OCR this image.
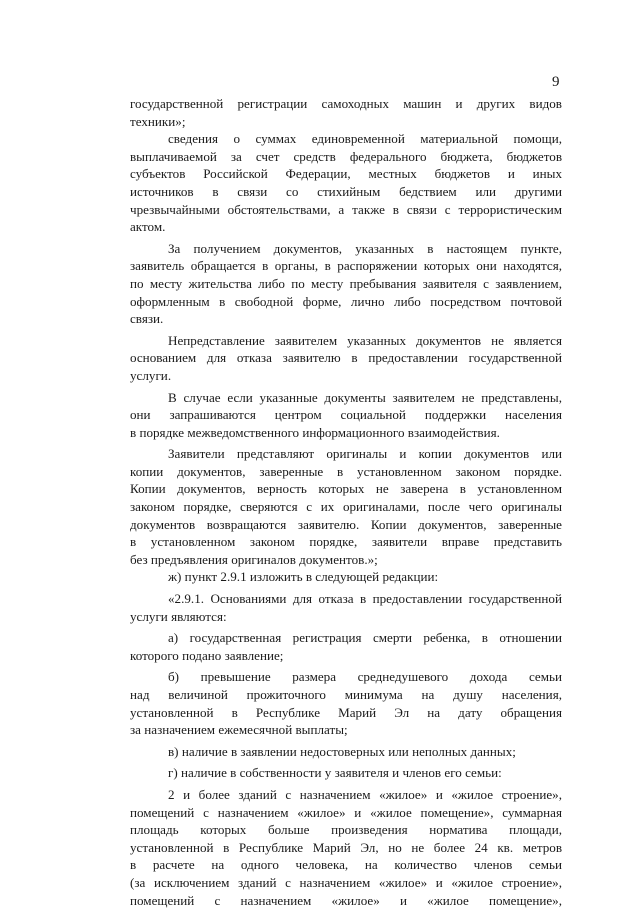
9
государственной регистрации самоходных машин и других видов
техники»;
сведения о суммах единовременной материальной помощи,
выплачиваемой за счет средств федерального бюджета, бюджетов
субъектов Российской Федерации, местных бюджетов и иных
источников в связи со стихийным бедствием или другими
чрезвычайными обстоятельствами, а также в связи с террористическим
актом.
За получением документов, указанных в настоящем пункте,
заявитель обращается в органы, в распоряжении которых они находятся,
по месту жительства либо по месту пребывания заявителя с заявлением,
оформленным в свободной форме, лично либо посредством почтовой
связи.
Непредставление заявителем указанных документов не является
основанием для отказа заявителю в предоставлении государственной
услуги.
В случае если указанные документы заявителем не представлены,
они запрашиваются центром социальной поддержки населения
в порядке межведомственного информационного взаимодействия.
Заявители представляют оригиналы и копии документов или
копии документов, заверенные в установленном законом порядке.
Копии документов, верность которых не заверена в установленном
законом порядке, сверяются с их оригиналами, после чего оригиналы
документов возвращаются заявителю. Копии документов, заверенные
в установленном законом порядке, заявители вправе представить
без предъявления оригиналов документов.»;
ж) пункт 2.9.1 изложить в следующей редакции:
«2.9.1. Основаниями для отказа в предоставлении государственной
услуги являются:
а) государственная регистрация смерти ребенка, в отношении
которого подано заявление;
б) превышение размера среднедушевого дохода семьи
над величиной прожиточного минимума на душу населения,
установленной в Республике Марий Эл на дату обращения
за назначением ежемесячной выплаты;
в) наличие в заявлении недостоверных или неполных данных;
г) наличие в собственности у заявителя и членов его семьи:
2 и более зданий с назначением «жилое» и «жилое строение»,
помещений с назначением «жилое» и «жилое помещение», суммарная
площадь которых больше произведения норматива площади,
установленной в Республике Марий Эл, но не более 24 кв. метров
в расчете на одного человека, на количество членов семьи
(за исключением зданий с назначением «жилое» и «жилое строение»,
помещений с назначением «жилое» и «жилое помещение»,
